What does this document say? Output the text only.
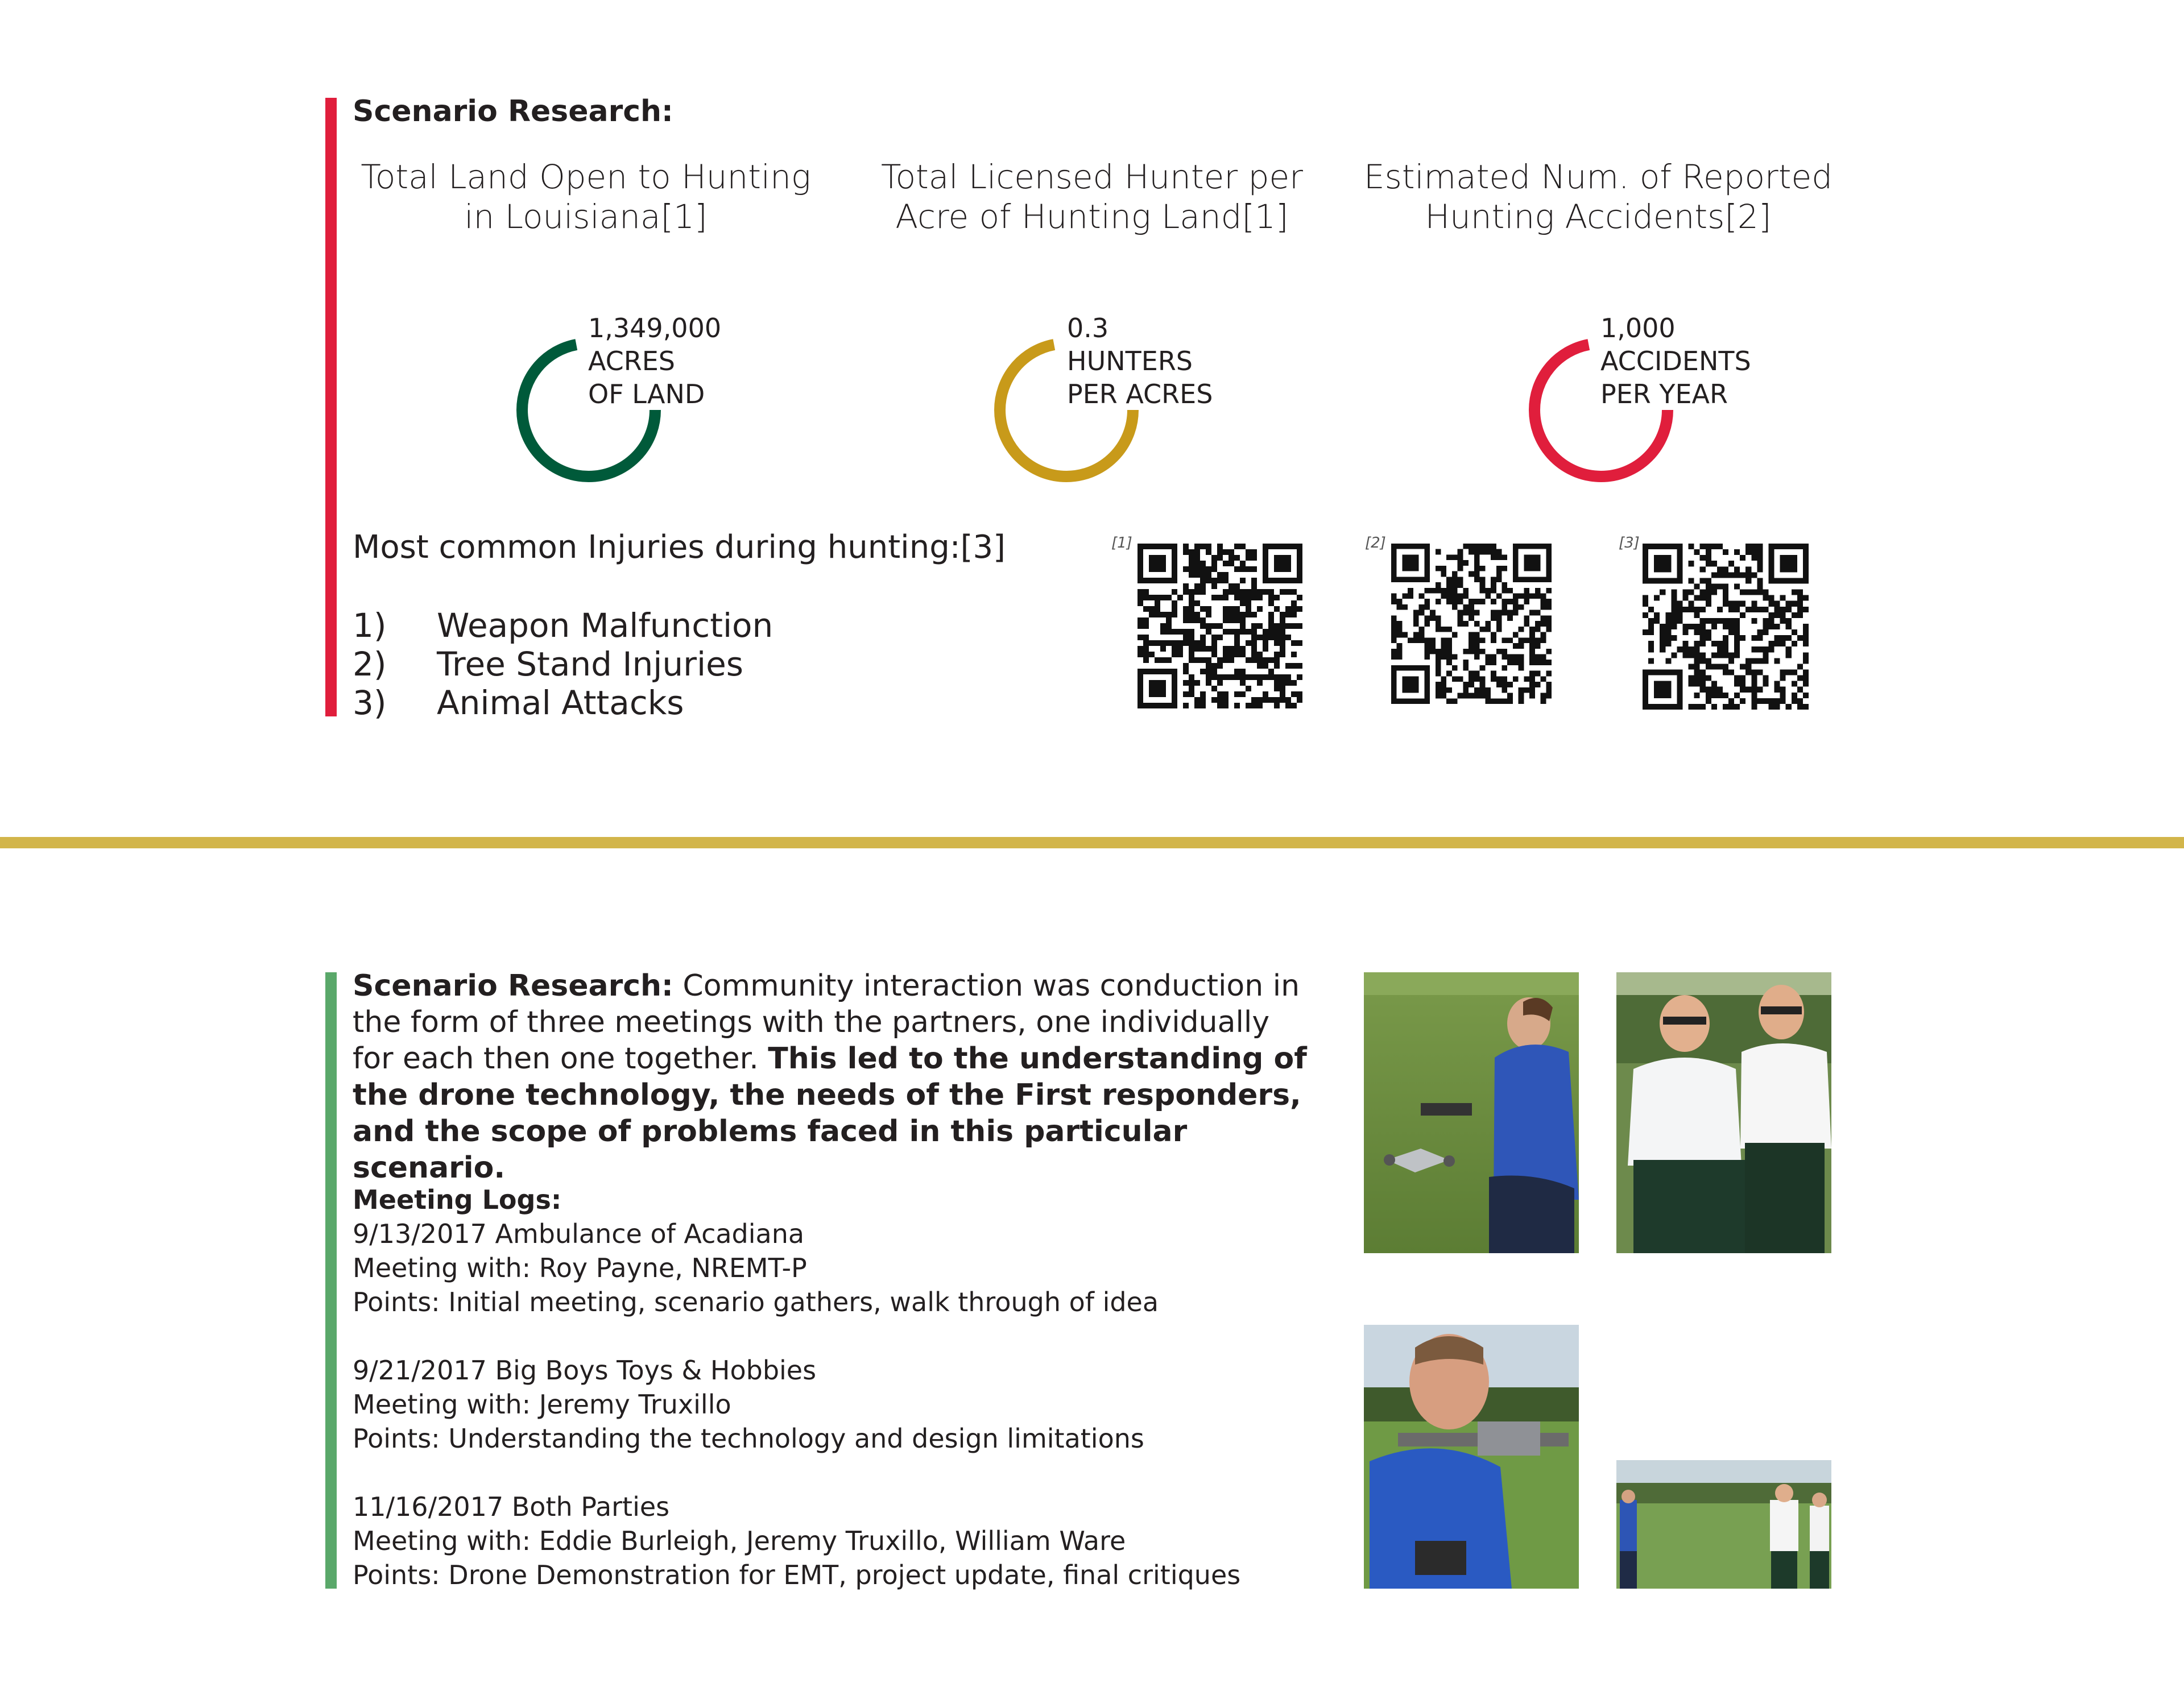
Scenario Research:
Total Land Open to Hunting
in Louisiana[1]
Total Licensed Hunter per
Acre of Hunting Land[1]
Estimated Num. of Reported
Hunting Accidents[2]
1,349,000
ACRES
OF LAND
0.3
HUNTERS
PER ACRES
1,000
ACCIDENTS
PER YEAR
Most common Injuries during hunting:[3]
1) Weapon Malfunction
2) Tree Stand Injuries
3) Animal Attacks
[1]	[2]	[3]
Scenario Research: Community interaction was conduction in the form of three meetings with the partners, one individually for each then one together. This led to the understanding of the drone technology, the needs of the First responders, and the scope of problems faced in this particular scenario.
Meeting Logs:
9/13/2017 Ambulance of Acadiana
Meeting with: Roy Payne, NREMT-P
Points: Initial meeting, scenario gathers, walk through of idea
9/21/2017 Big Boys Toys & Hobbies
Meeting with: Jeremy Truxillo
Points: Understanding the technology and design limitations
11/16/2017 Both Parties
Meeting with: Eddie Burleigh, Jeremy Truxillo, William Ware
Points: Drone Demonstration for EMT, project update, final critiques
